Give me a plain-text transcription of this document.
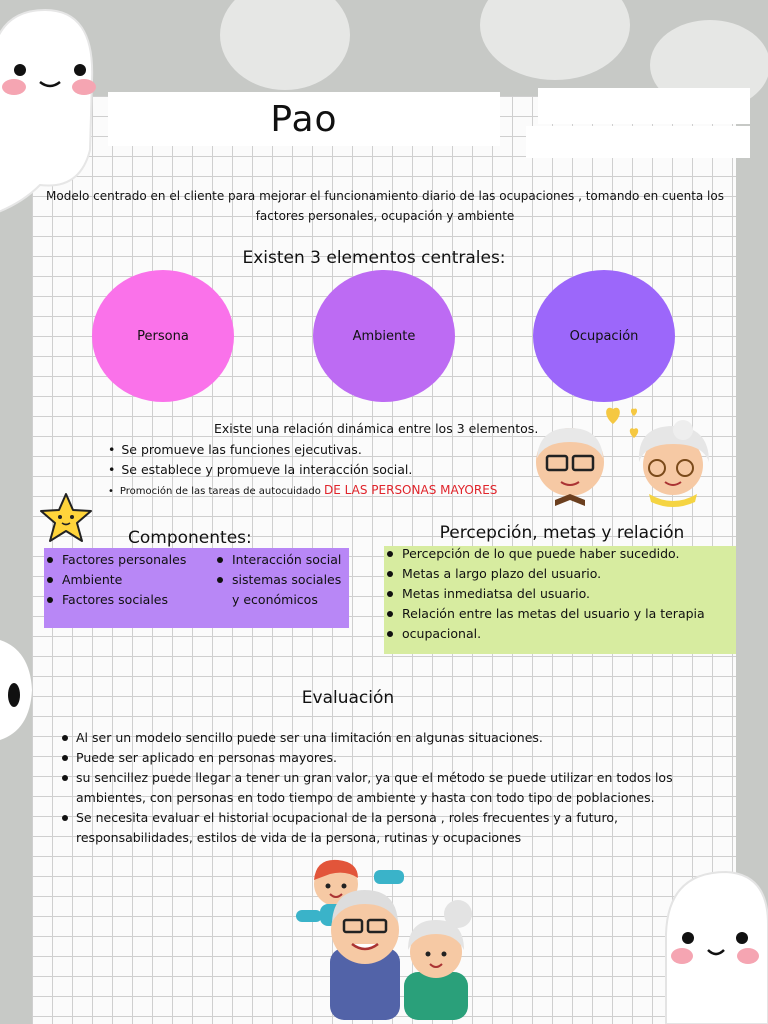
Pao
Modelo centrado en el cliente para mejorar el funcionamiento diario de las ocupaciones , tomando en cuenta los factores personales, ocupación y ambiente
Existen 3 elementos centrales:
Persona	Ambiente	Ocupación
Existe una relación dinámica entre los 3 elementos.
• Se promueve las funciones ejecutivas.
• Se establece y promueve la interacción social.
• Promoción de las tareas de autocuidado DE LAS PERSONAS MAYORES
Componentes:
Factores personales
Ambiente
Factores sociales
Interacción social
sistemas sociales
y económicos
Percepción, metas y relación
Percepción de lo que puede haber sucedido.
Metas a largo plazo del usuario.
Metas inmediatsa del usuario.
Relación entre las metas del usuario y la terapia
ocupacional.
Evaluación
Al ser un modelo sencillo puede ser una limitación en algunas situaciones.
Puede ser aplicado en personas mayores.
su sencillez puede llegar a tener un gran valor, ya que el método se puede utilizar en todos los ambientes, con personas en todo tiempo de ambiente y hasta con todo tipo de poblaciones.
Se necesita evaluar el historial ocupacional de la persona , roles frecuentes y a futuro, responsabilidades, estilos de vida de la persona, rutinas y ocupaciones
